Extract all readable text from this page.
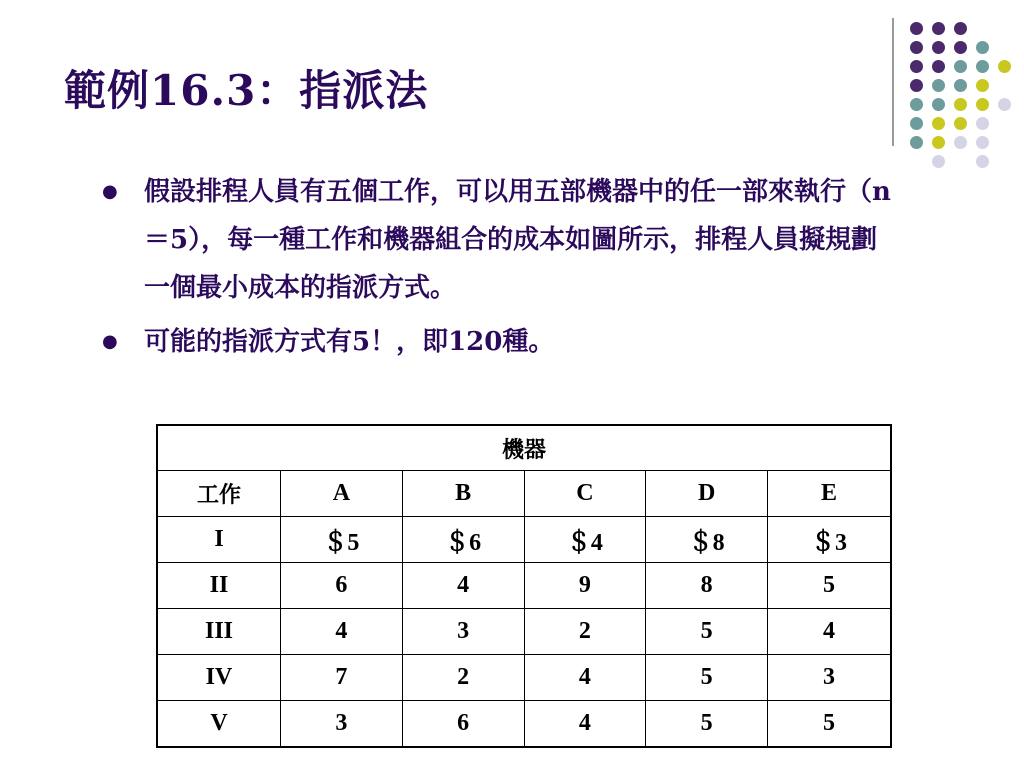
範例16.3：指派法
● 假設排程人員有五個工作，可以用五部機器中的任一部來執行（n＝5），每一種工作和機器組合的成本如圖所示，排程人員擬規劃一個最小成本的指派方式。
● 可能的指派方式有5！，即120種。
機器					
工作	A	B	C	D	E
I	＄5	＄6	＄4	＄8	＄3
II	6	4	9	8	5
III	4	3	2	5	4
IV	7	2	4	5	3
V	3	6	4	5	5
